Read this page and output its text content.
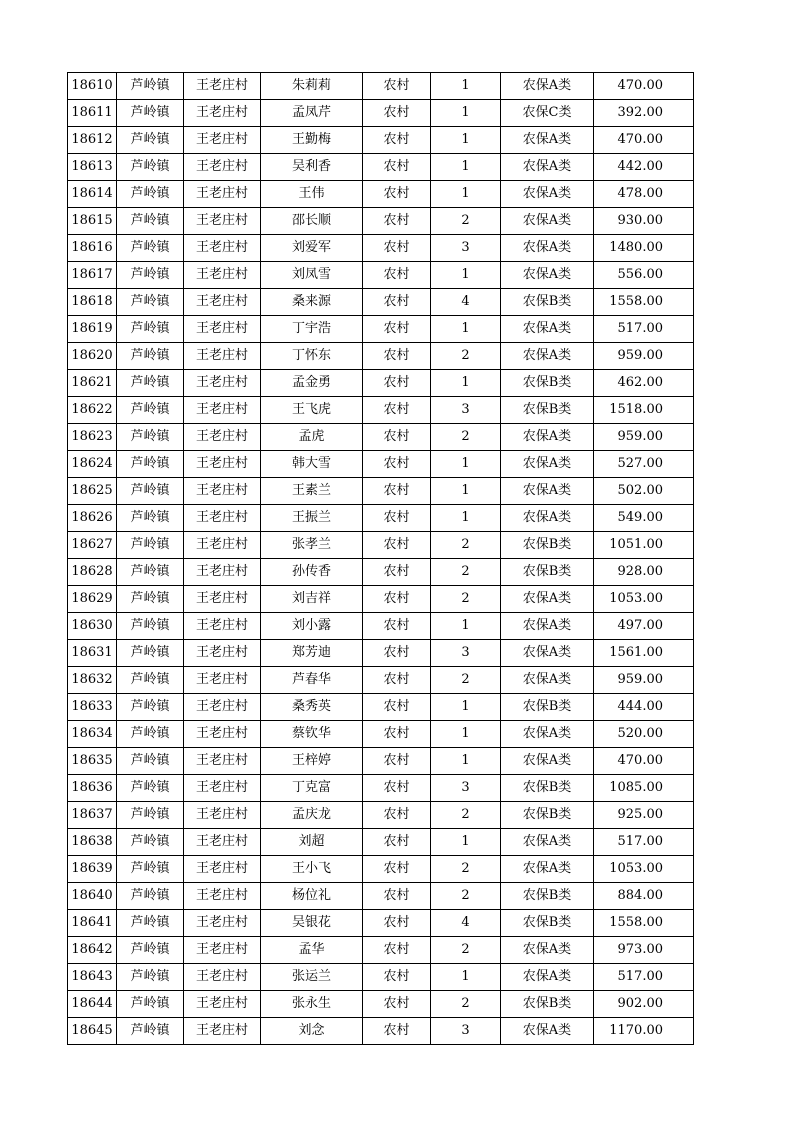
18610	芦岭镇	王老庄村	朱莉莉	农村	1	农保A类	470.00
18611	芦岭镇	王老庄村	孟凤芹	农村	1	农保C类	392.00
18612	芦岭镇	王老庄村	王勤梅	农村	1	农保A类	470.00
18613	芦岭镇	王老庄村	吴利香	农村	1	农保A类	442.00
18614	芦岭镇	王老庄村	王伟	农村	1	农保A类	478.00
18615	芦岭镇	王老庄村	邵长顺	农村	2	农保A类	930.00
18616	芦岭镇	王老庄村	刘爱军	农村	3	农保A类	1480.00
18617	芦岭镇	王老庄村	刘凤雪	农村	1	农保A类	556.00
18618	芦岭镇	王老庄村	桑来源	农村	4	农保B类	1558.00
18619	芦岭镇	王老庄村	丁宇浩	农村	1	农保A类	517.00
18620	芦岭镇	王老庄村	丁怀东	农村	2	农保A类	959.00
18621	芦岭镇	王老庄村	孟金勇	农村	1	农保B类	462.00
18622	芦岭镇	王老庄村	王飞虎	农村	3	农保B类	1518.00
18623	芦岭镇	王老庄村	孟虎	农村	2	农保A类	959.00
18624	芦岭镇	王老庄村	韩大雪	农村	1	农保A类	527.00
18625	芦岭镇	王老庄村	王素兰	农村	1	农保A类	502.00
18626	芦岭镇	王老庄村	王振兰	农村	1	农保A类	549.00
18627	芦岭镇	王老庄村	张孝兰	农村	2	农保B类	1051.00
18628	芦岭镇	王老庄村	孙传香	农村	2	农保B类	928.00
18629	芦岭镇	王老庄村	刘吉祥	农村	2	农保A类	1053.00
18630	芦岭镇	王老庄村	刘小露	农村	1	农保A类	497.00
18631	芦岭镇	王老庄村	郑芳迪	农村	3	农保A类	1561.00
18632	芦岭镇	王老庄村	芦春华	农村	2	农保A类	959.00
18633	芦岭镇	王老庄村	桑秀英	农村	1	农保B类	444.00
18634	芦岭镇	王老庄村	蔡钦华	农村	1	农保A类	520.00
18635	芦岭镇	王老庄村	王梓婷	农村	1	农保A类	470.00
18636	芦岭镇	王老庄村	丁克富	农村	3	农保B类	1085.00
18637	芦岭镇	王老庄村	孟庆龙	农村	2	农保B类	925.00
18638	芦岭镇	王老庄村	刘超	农村	1	农保A类	517.00
18639	芦岭镇	王老庄村	王小飞	农村	2	农保A类	1053.00
18640	芦岭镇	王老庄村	杨位礼	农村	2	农保B类	884.00
18641	芦岭镇	王老庄村	吴银花	农村	4	农保B类	1558.00
18642	芦岭镇	王老庄村	孟华	农村	2	农保A类	973.00
18643	芦岭镇	王老庄村	张运兰	农村	1	农保A类	517.00
18644	芦岭镇	王老庄村	张永生	农村	2	农保B类	902.00
18645	芦岭镇	王老庄村	刘念	农村	3	农保A类	1170.00
